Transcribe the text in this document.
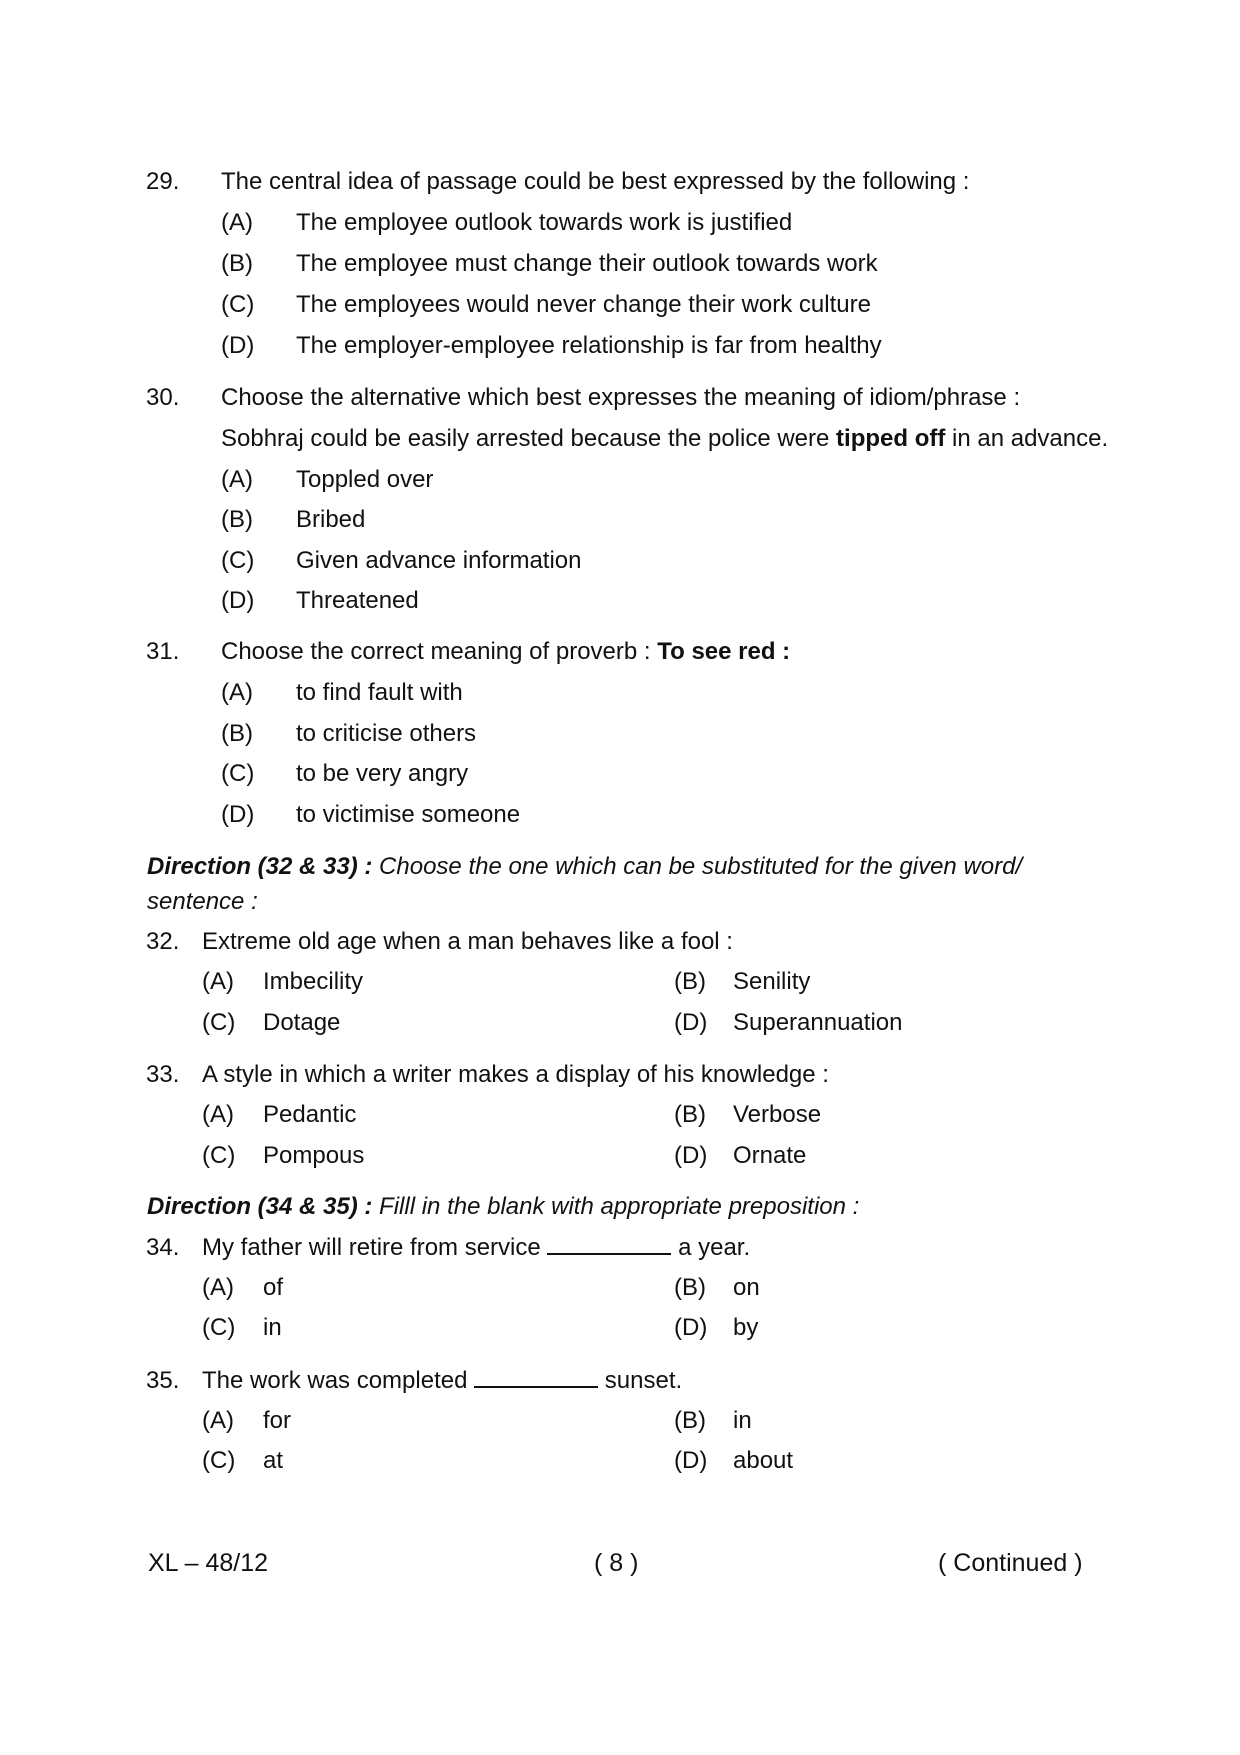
29. The central idea of passage could be best expressed by the following :
(A) The employee outlook towards work is justified
(B) The employee must change their outlook towards work
(C) The employees would never change their work culture
(D) The employer-employee relationship is far from healthy
30. Choose the alternative which best expresses the meaning of idiom/phrase :
Sobhraj could be easily arrested because the police were tipped off in an advance.
(A) Toppled over
(B) Bribed
(C) Given advance information
(D) Threatened
31. Choose the correct meaning of proverb : To see red :
(A) to find fault with
(B) to criticise others
(C) to be very angry
(D) to victimise someone
Direction (32 & 33) : Choose the one which can be substituted for the given word/
sentence :
32. Extreme old age when a man behaves like a fool :
(A) Imbecility	(B) Senility
(C) Dotage	(D) Superannuation
33. A style in which a writer makes a display of his knowledge :
(A) Pedantic	(B) Verbose
(C) Pompous	(D) Ornate
Direction (34 & 35) : Filll in the blank with appropriate preposition :
34. My father will retire from service	a year.
(A) of	(B) on
(C) in	(D) by
35. The work was completed	sunset.
(A) for	(B) in
(C) at	(D) about
XL – 48/12	( 8 )	( Continued )
